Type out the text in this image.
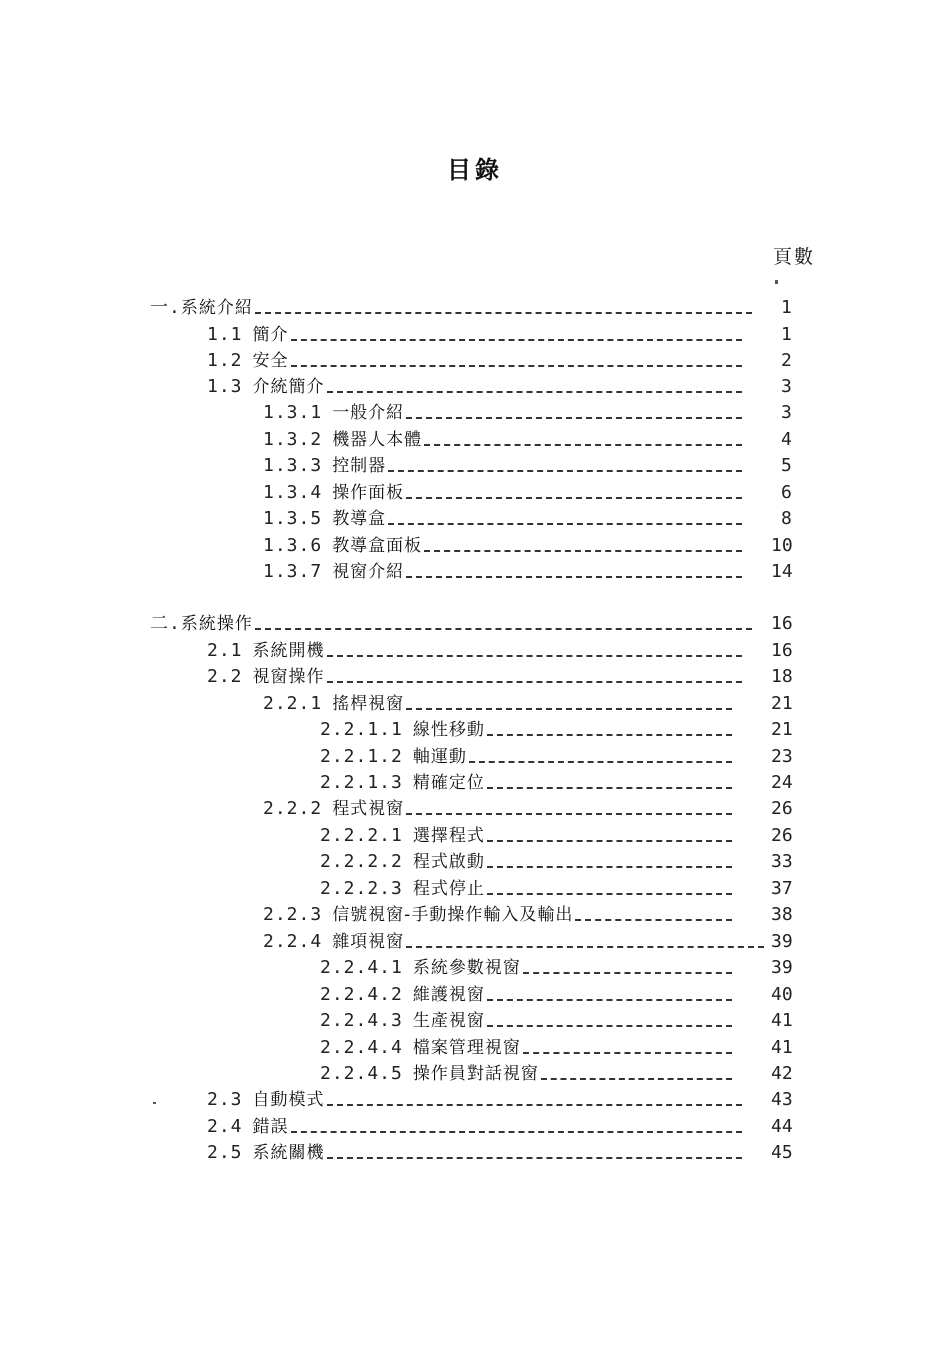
目錄
頁數
一. 系統介紹	1
1.1 簡介	1
1.2 安全	2
1.3 介統簡介	3
1.3.1 一般介紹	3
1.3.2 機器人本體	4
1.3.3 控制器	5
1.3.4 操作面板	6
1.3.5 教導盒	8
1.3.6 教導盒面板	10
1.3.7 視窗介紹	14
二. 系統操作	16
2.1 系統開機	16
2.2 視窗操作	18
2.2.1 搖桿視窗	21
2.2.1.1 線性移動	21
2.2.1.2 軸運動	23
2.2.1.3 精確定位	24
2.2.2 程式視窗	26
2.2.2.1 選擇程式	26
2.2.2.2 程式啟動	33
2.2.2.3 程式停止	37
2.2.3 信號視窗-手動操作輸入及輸出	38
2.2.4 雜項視窗	39
2.2.4.1 系統參數視窗	39
2.2.4.2 維護視窗	40
2.2.4.3 生產視窗	41
2.2.4.4 檔案管理視窗	41
2.2.4.5 操作員對話視窗	42
2.3 自動模式	43
2.4 錯誤	44
2.5 系統關機	45
